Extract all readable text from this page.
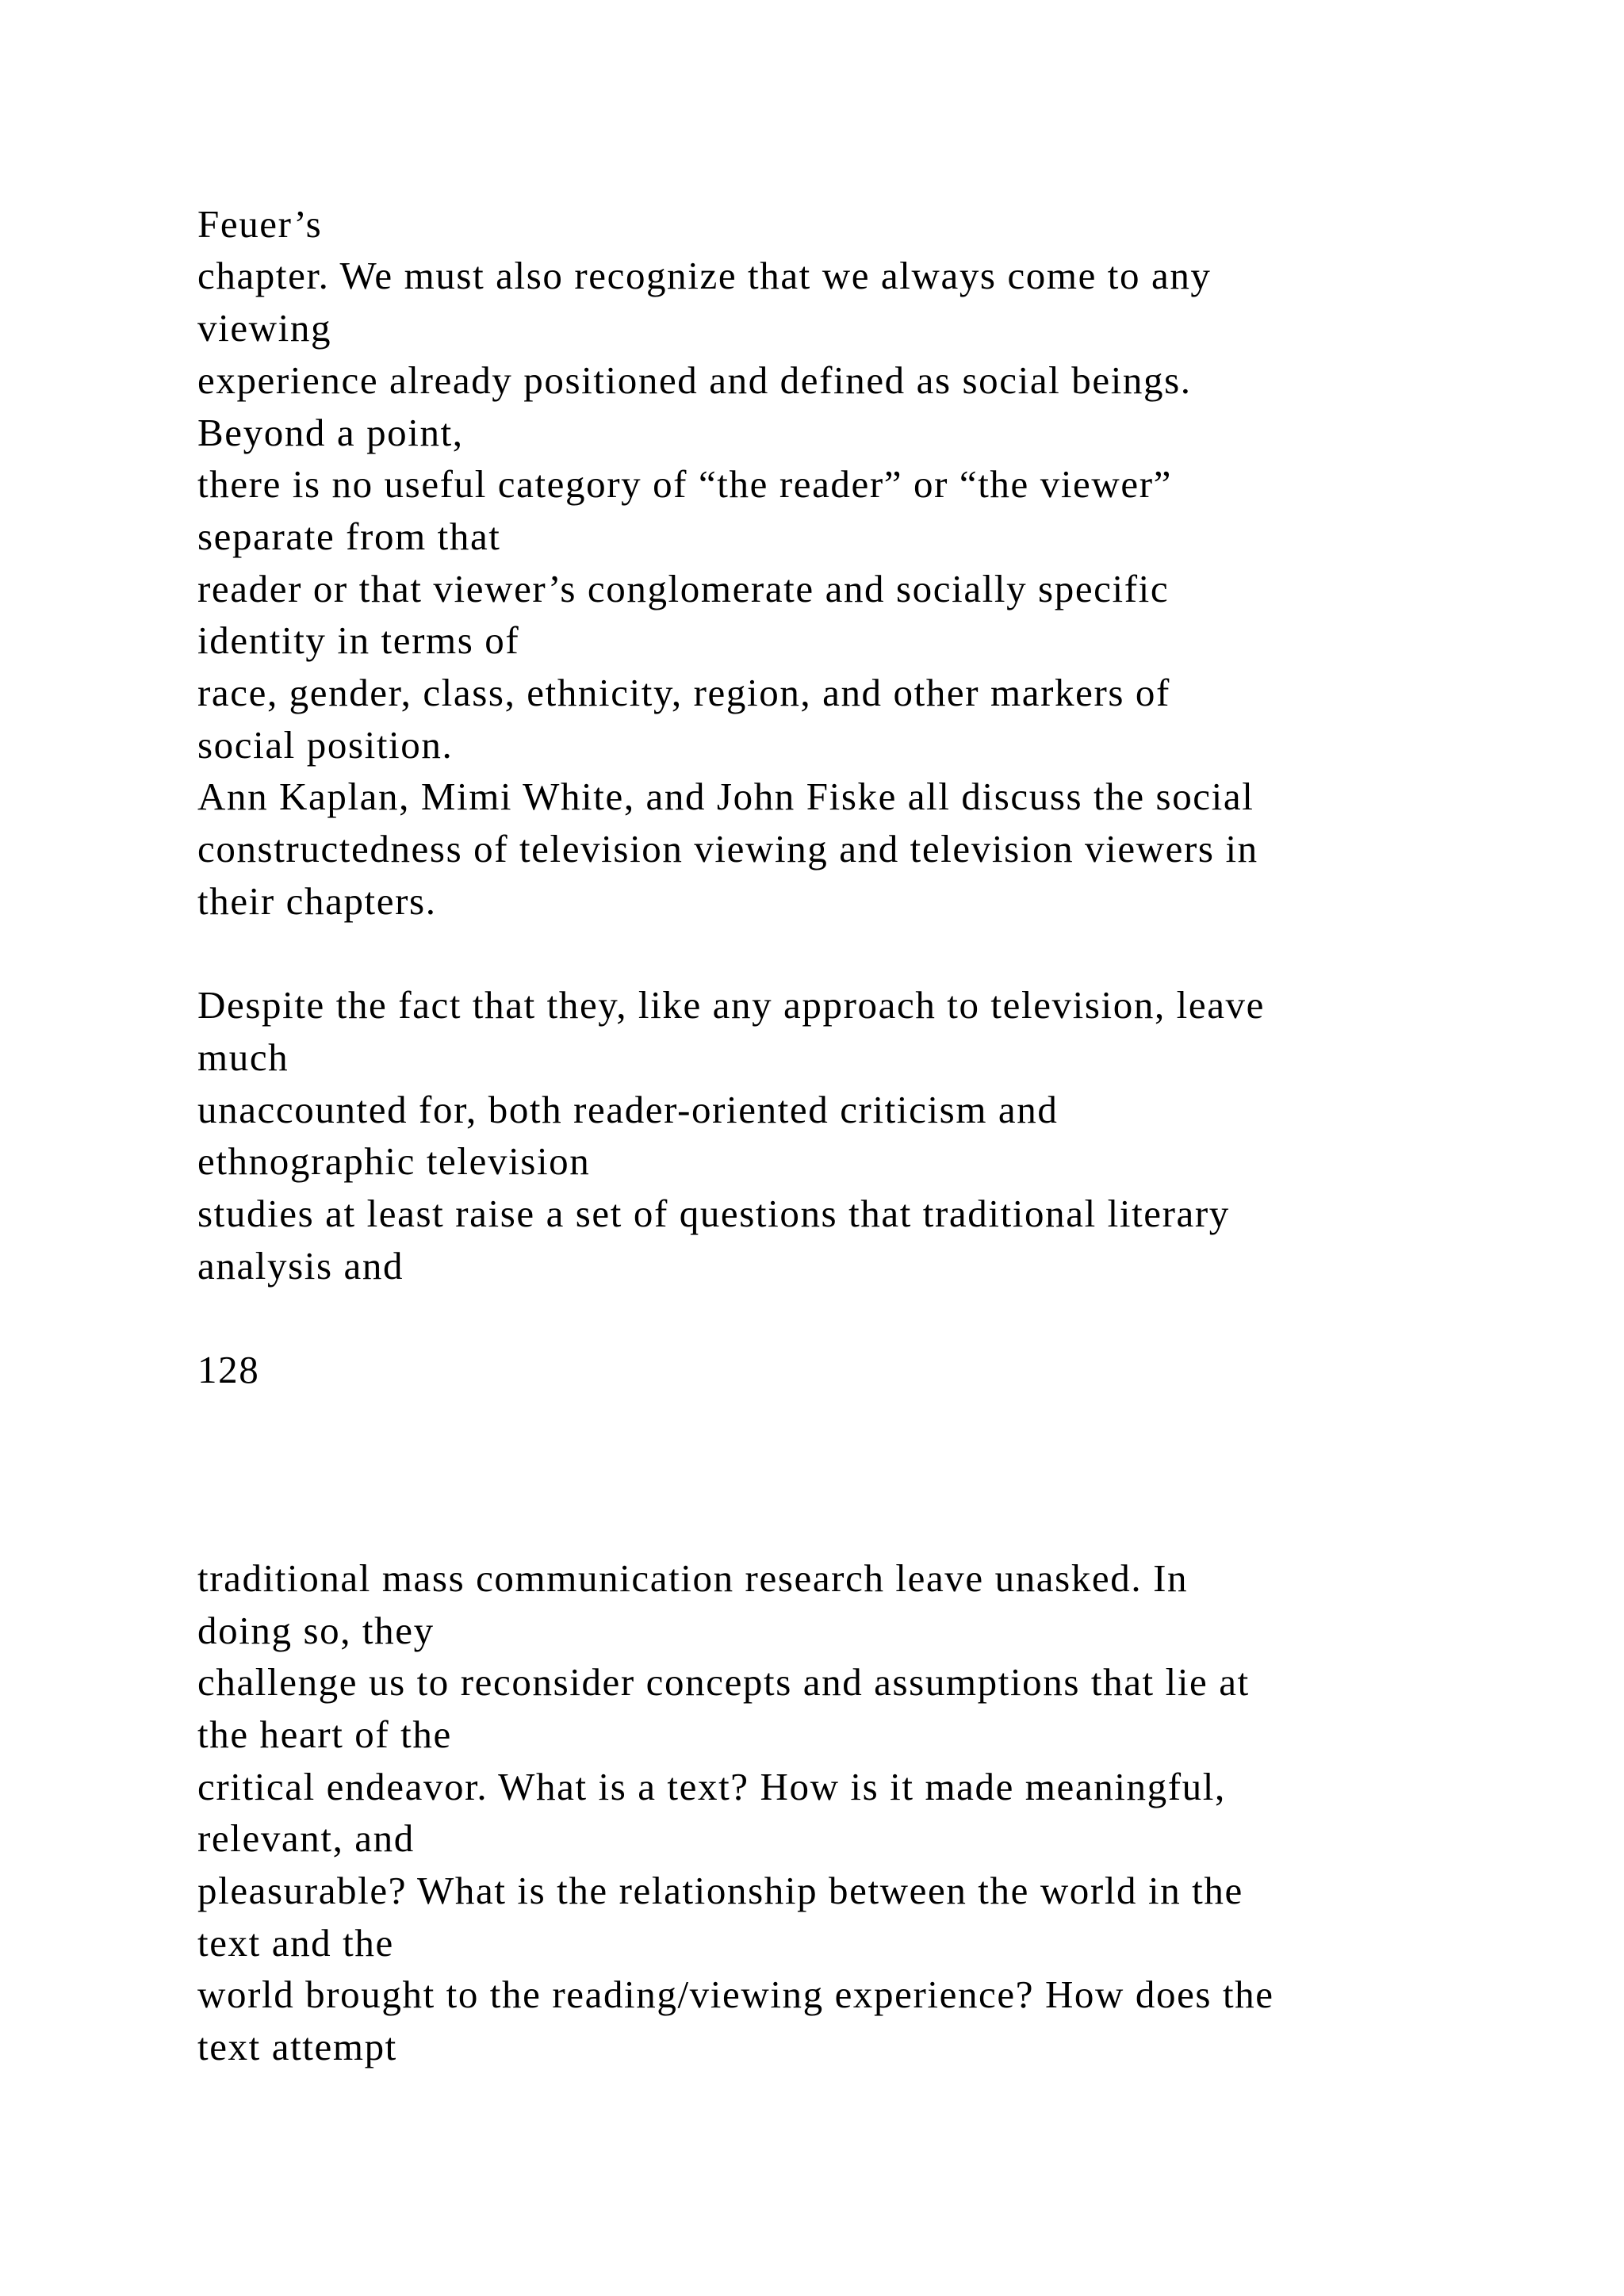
Feuer’s

chapter. We must also recognize that we always come to any

viewing

experience already positioned and defined as social beings.

Beyond a point,

there is no useful category of “the reader” or “the viewer”

separate from that

reader or that viewer’s conglomerate and socially specific

identity in terms of

race, gender, class, ethnicity, region, and other markers of

social position.

Ann Kaplan, Mimi White, and John Fiske all discuss the social

constructedness of television viewing and television viewers in

their chapters.

Despite the fact that they, like any approach to television, leave

much

unaccounted for, both reader-oriented criticism and

ethnographic television

studies at least raise a set of questions that traditional literary

analysis and

128

traditional mass communication research leave unasked. In

doing so, they

challenge us to reconsider concepts and assumptions that lie at

the heart of the

critical endeavor. What is a text? How is it made meaningful,

relevant, and

pleasurable? What is the relationship between the world in the

text and the

world brought to the reading/viewing experience? How does the

text attempt
